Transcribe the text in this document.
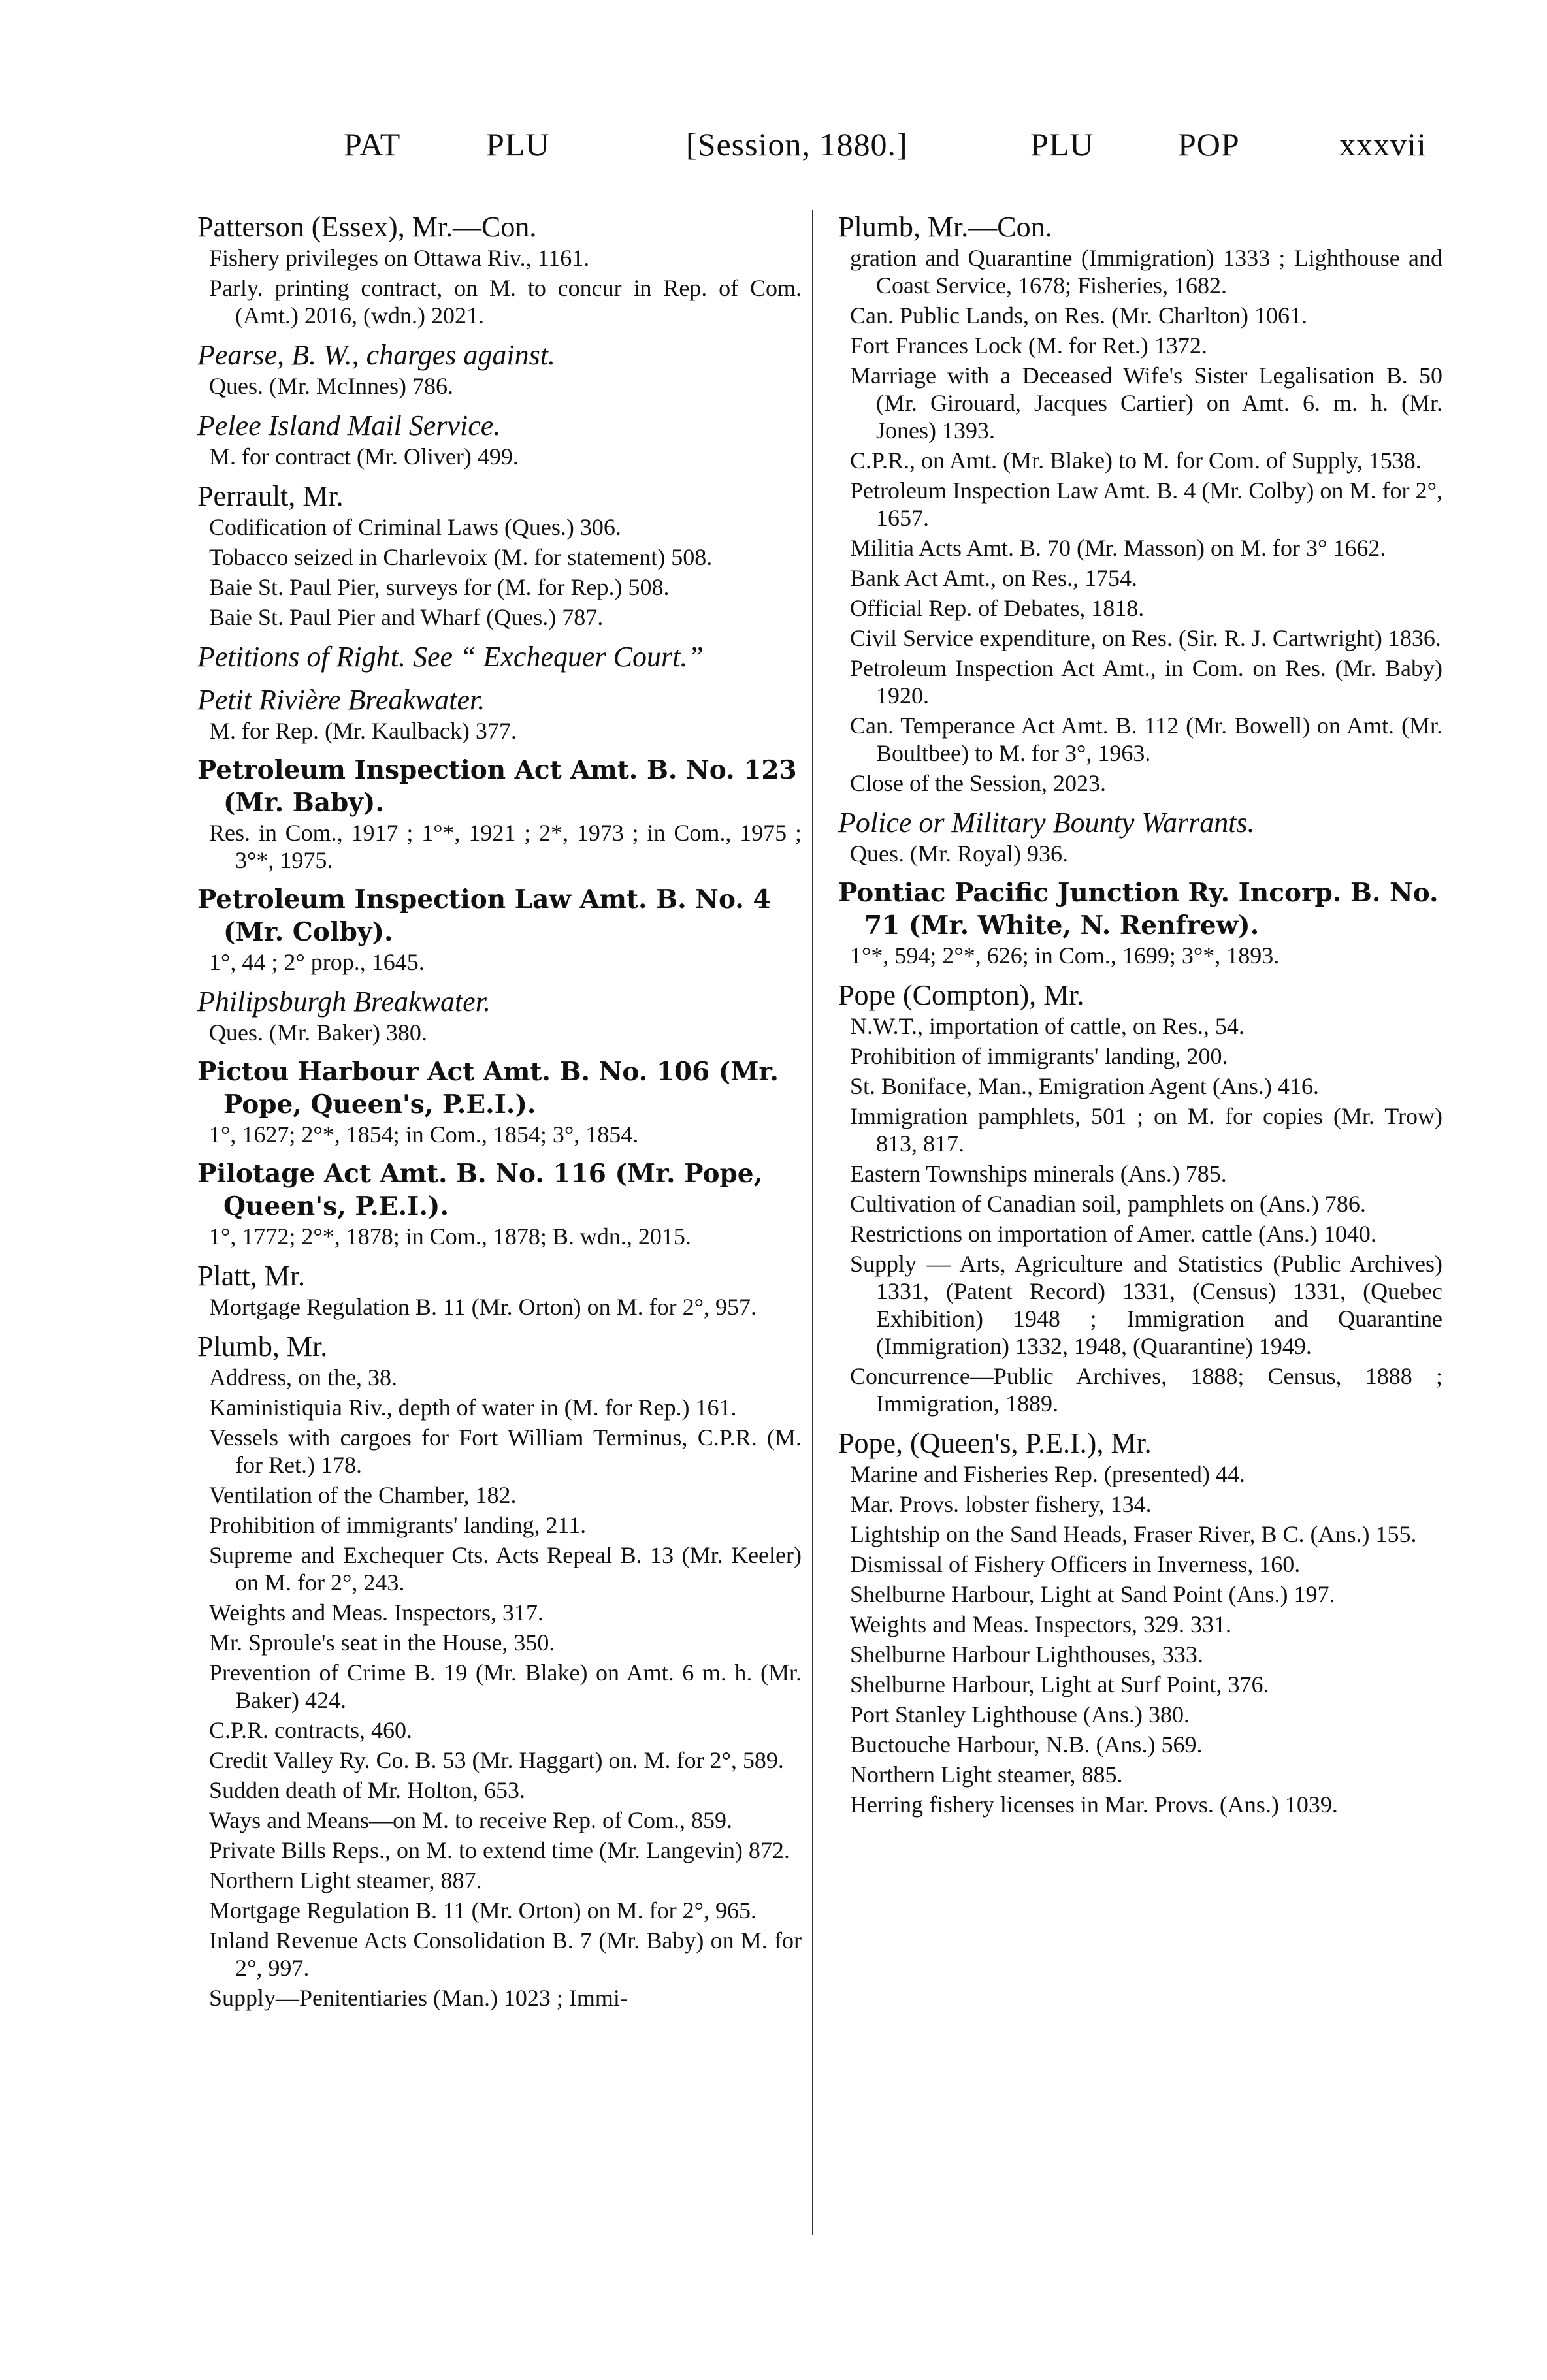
PAT	PLU	[Session, 1880.]	PLU	POP	xxxvii

Patterson (Essex), Mr.—Con.

Fishery privileges on Ottawa Riv., 1161.

Parly. printing contract, on M. to concur in Rep. of Com. (Amt.) 2016, (wdn.) 2021.

Pearse, B. W., charges against.

Ques. (Mr. McInnes) 786.

Pelee Island Mail Service.

M. for contract (Mr. Oliver) 499.

Perrault, Mr.

Codification of Criminal Laws (Ques.) 306.

Tobacco seized in Charlevoix (M. for statement) 508.

Baie St. Paul Pier, surveys for (M. for Rep.) 508.

Baie St. Paul Pier and Wharf (Ques.) 787.

Petitions of Right. See “ Exchequer Court.”

Petit Rivière Breakwater.

M. for Rep. (Mr. Kaulback) 377.

Petroleum Inspection Act Amt. B. No. 123 (Mr. Baby).

Res. in Com., 1917 ; 1°*, 1921 ; 2*, 1973 ; in Com., 1975 ; 3°*, 1975.

Petroleum Inspection Law Amt. B. No. 4 (Mr. Colby).

1°, 44 ; 2° prop., 1645.

Philipsburgh Breakwater.

Ques. (Mr. Baker) 380.

Pictou Harbour Act Amt. B. No. 106 (Mr. Pope, Queen's, P.E.I.).

1°, 1627; 2°*, 1854; in Com., 1854; 3°, 1854.

Pilotage Act Amt. B. No. 116 (Mr. Pope, Queen's, P.E.I.).

1°, 1772; 2°*, 1878; in Com., 1878; B. wdn., 2015.

Platt, Mr.

Mortgage Regulation B. 11 (Mr. Orton) on M. for 2°, 957.

Plumb, Mr.

Address, on the, 38.

Kaministiquia Riv., depth of water in (M. for Rep.) 161.

Vessels with cargoes for Fort William Terminus, C.P.R. (M. for Ret.) 178.

Ventilation of the Chamber, 182.

Prohibition of immigrants' landing, 211.

Supreme and Exchequer Cts. Acts Repeal B. 13 (Mr. Keeler) on M. for 2°, 243.

Weights and Meas. Inspectors, 317.

Mr. Sproule's seat in the House, 350.

Prevention of Crime B. 19 (Mr. Blake) on Amt. 6 m. h. (Mr. Baker) 424.

C.P.R. contracts, 460.

Credit Valley Ry. Co. B. 53 (Mr. Haggart) on. M. for 2°, 589.

Sudden death of Mr. Holton, 653.

Ways and Means—on M. to receive Rep. of Com., 859.

Private Bills Reps., on M. to extend time (Mr. Langevin) 872.

Northern Light steamer, 887.

Mortgage Regulation B. 11 (Mr. Orton) on M. for 2°, 965.

Inland Revenue Acts Consolidation B. 7 (Mr. Baby) on M. for 2°, 997.

Supply—Penitentiaries (Man.) 1023 ; Immi-

Plumb, Mr.—Con.

gration and Quarantine (Immigration) 1333 ; Lighthouse and Coast Service, 1678; Fisheries, 1682.

Can. Public Lands, on Res. (Mr. Charlton) 1061.

Fort Frances Lock (M. for Ret.) 1372.

Marriage with a Deceased Wife's Sister Legalisation B. 50 (Mr. Girouard, Jacques Cartier) on Amt. 6. m. h. (Mr. Jones) 1393.

C.P.R., on Amt. (Mr. Blake) to M. for Com. of Supply, 1538.

Petroleum Inspection Law Amt. B. 4 (Mr. Colby) on M. for 2°, 1657.

Militia Acts Amt. B. 70 (Mr. Masson) on M. for 3° 1662.

Bank Act Amt., on Res., 1754.

Official Rep. of Debates, 1818.

Civil Service expenditure, on Res. (Sir. R. J. Cartwright) 1836.

Petroleum Inspection Act Amt., in Com. on Res. (Mr. Baby) 1920.

Can. Temperance Act Amt. B. 112 (Mr. Bowell) on Amt. (Mr. Boultbee) to M. for 3°, 1963.

Close of the Session, 2023.

Police or Military Bounty Warrants.

Ques. (Mr. Royal) 936.

Pontiac Pacific Junction Ry. Incorp. B. No. 71 (Mr. White, N. Renfrew).

1°*, 594; 2°*, 626; in Com., 1699; 3°*, 1893.

Pope (Compton), Mr.

N.W.T., importation of cattle, on Res., 54.

Prohibition of immigrants' landing, 200.

St. Boniface, Man., Emigration Agent (Ans.) 416.

Immigration pamphlets, 501 ; on M. for copies (Mr. Trow) 813, 817.

Eastern Townships minerals (Ans.) 785.

Cultivation of Canadian soil, pamphlets on (Ans.) 786.

Restrictions on importation of Amer. cattle (Ans.) 1040.

Supply — Arts, Agriculture and Statistics (Public Archives) 1331, (Patent Record) 1331, (Census) 1331, (Quebec Exhibition) 1948 ; Immigration and Quarantine (Immigration) 1332, 1948, (Quarantine) 1949.

Concurrence—Public Archives, 1888; Census, 1888 ; Immigration, 1889.

Pope, (Queen's, P.E.I.), Mr.

Marine and Fisheries Rep. (presented) 44.

Mar. Provs. lobster fishery, 134.

Lightship on the Sand Heads, Fraser River, B C. (Ans.) 155.

Dismissal of Fishery Officers in Inverness, 160.

Shelburne Harbour, Light at Sand Point (Ans.) 197.

Weights and Meas. Inspectors, 329. 331.

Shelburne Harbour Lighthouses, 333.

Shelburne Harbour, Light at Surf Point, 376.

Port Stanley Lighthouse (Ans.) 380.

Buctouche Harbour, N.B. (Ans.) 569.

Northern Light steamer, 885.

Herring fishery licenses in Mar. Provs. (Ans.) 1039.
